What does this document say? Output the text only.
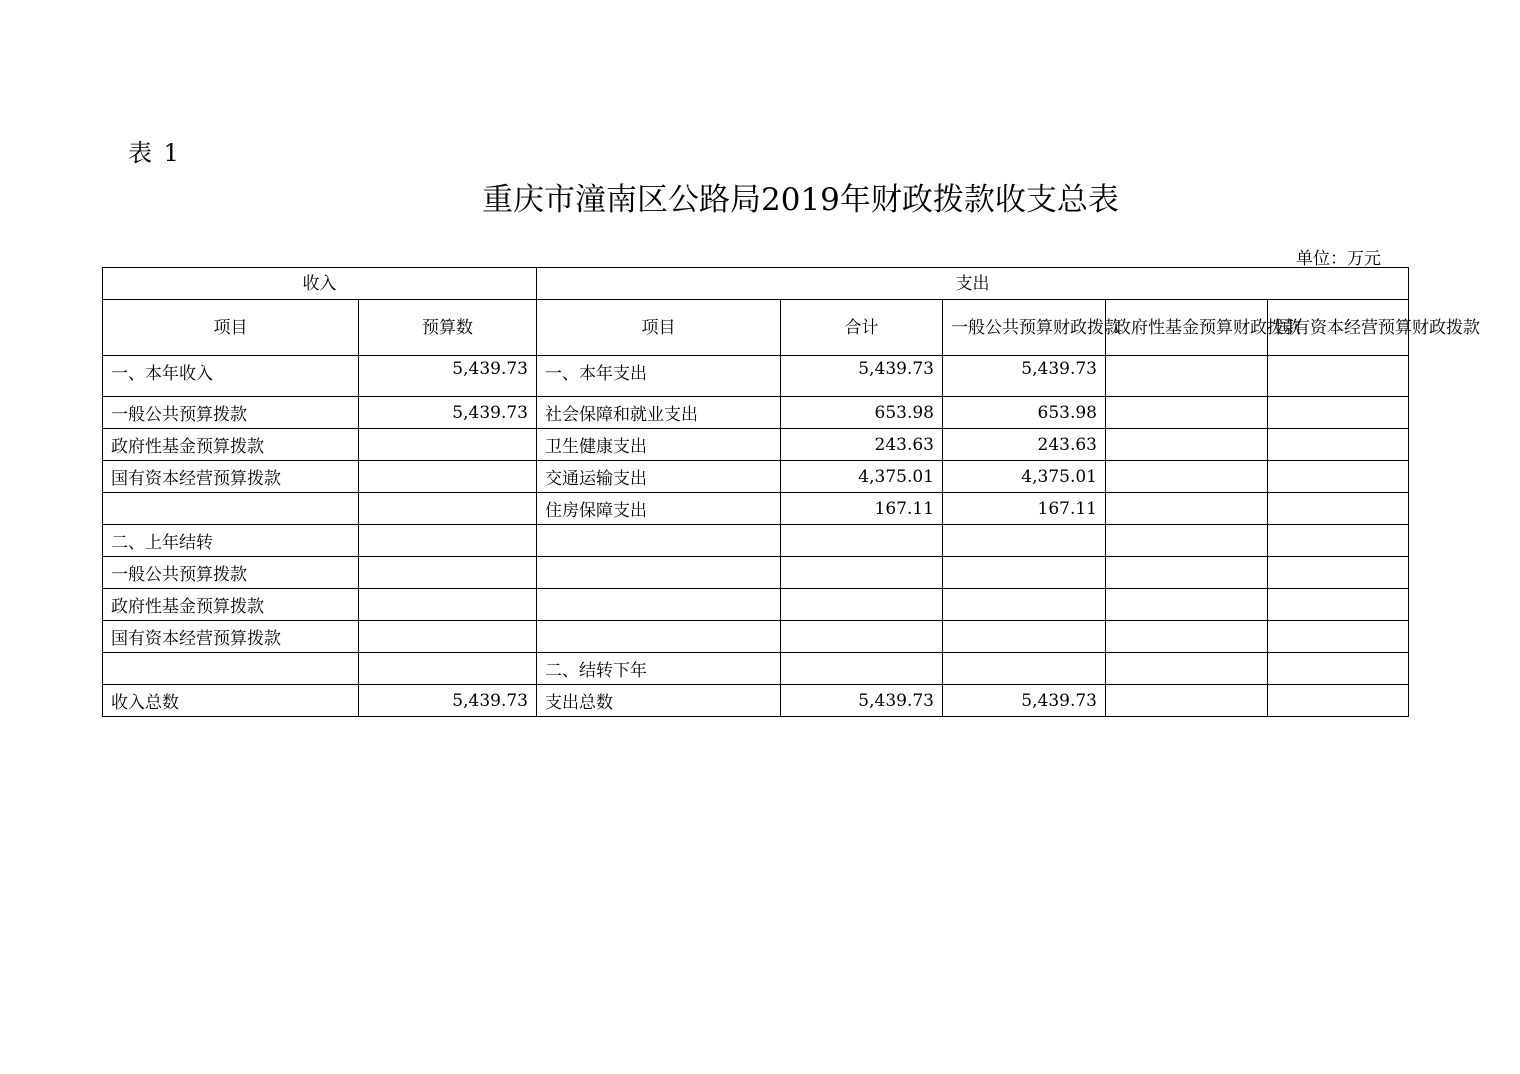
表 1
重庆市潼南区公路局2019年财政拨款收支总表
单位：万元
收入		支出				
项目	预算数	项目	合计	一般公共预算财政拨款	政府性基金预算财政拨款	国有资本经营预算财政拨款
一、本年收入	5,439.73	一、本年支出	5,439.73	5,439.73		
一般公共预算拨款	5,439.73	社会保障和就业支出	653.98	653.98		
政府性基金预算拨款		卫生健康支出	243.63	243.63		
国有资本经营预算拨款		交通运输支出	4,375.01	4,375.01		
		住房保障支出	167.11	167.11		
二、上年结转						
一般公共预算拨款						
政府性基金预算拨款						
国有资本经营预算拨款						
		二、结转下年				
收入总数	5,439.73	支出总数	5,439.73	5,439.73		
